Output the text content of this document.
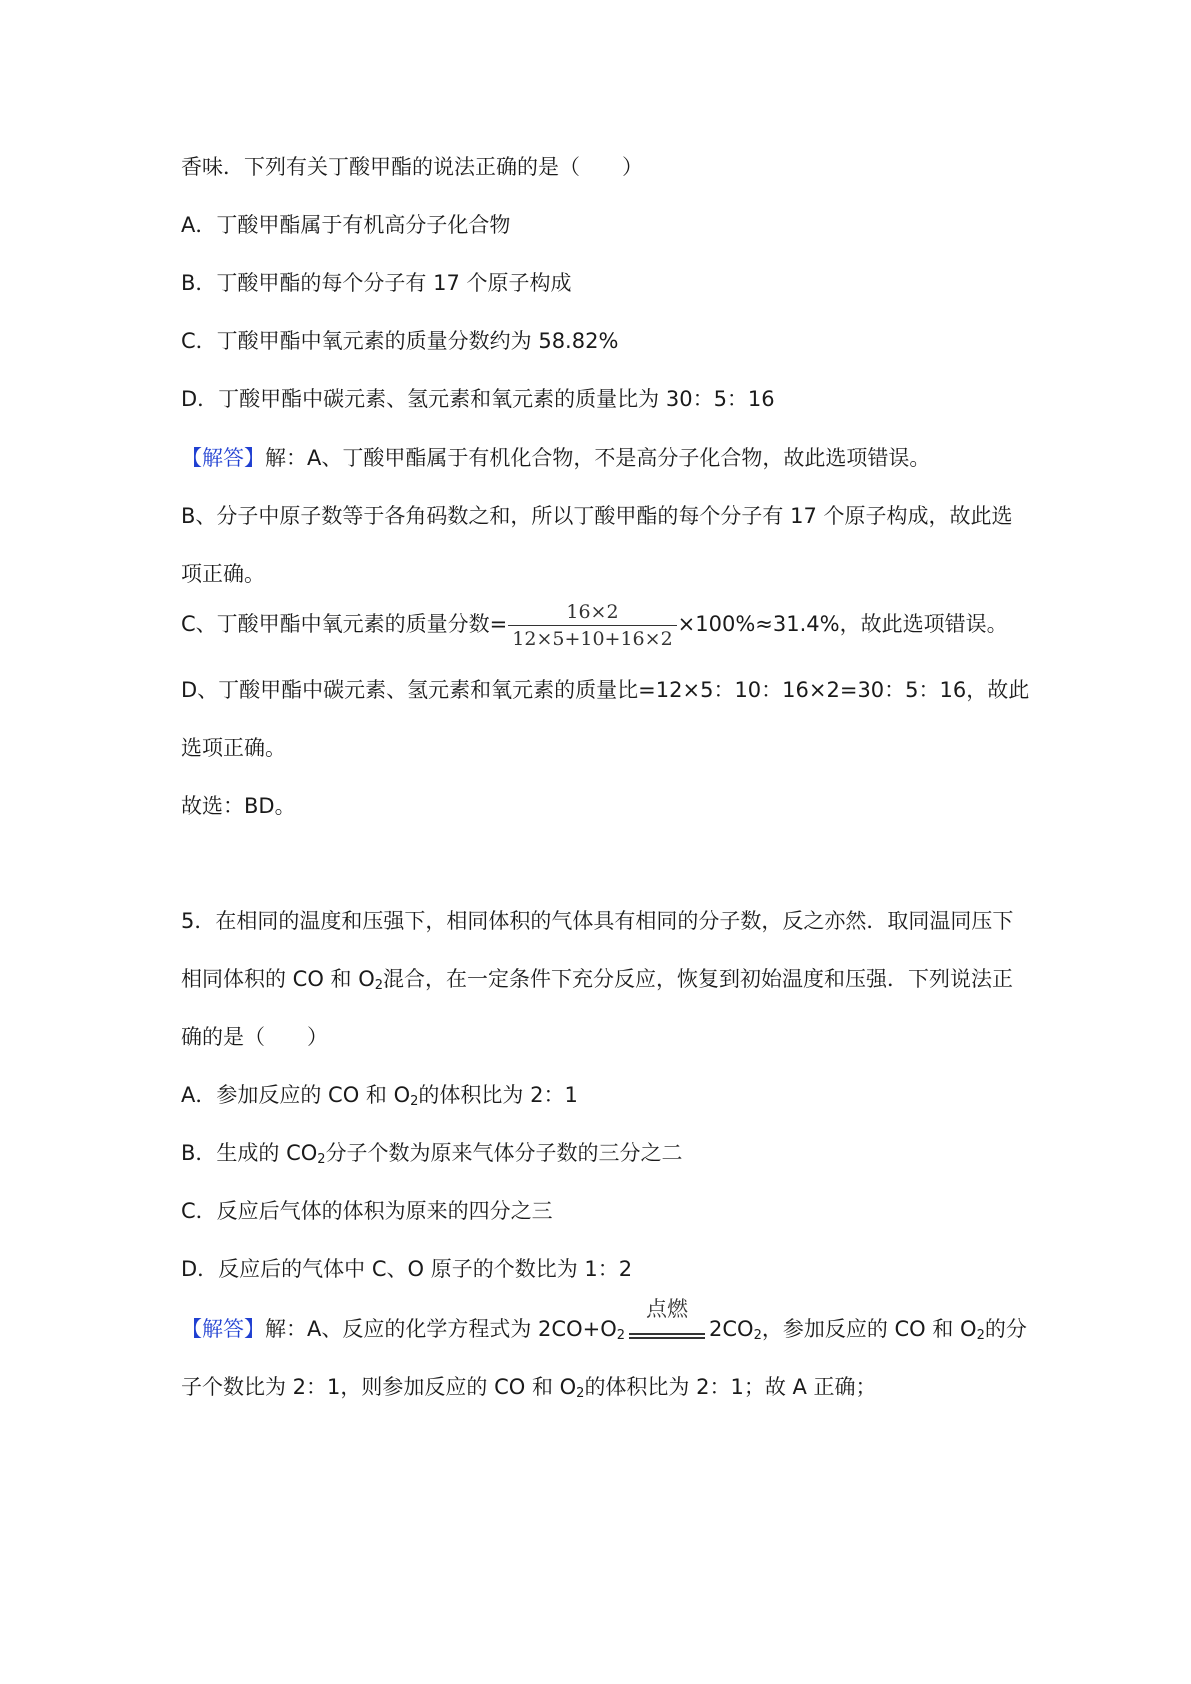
香味．下列有关丁酸甲酯的说法正确的是（　　）
A．丁酸甲酯属于有机高分子化合物
B．丁酸甲酯的每个分子有 17 个原子构成
C．丁酸甲酯中氧元素的质量分数约为 58.82%
D．丁酸甲酯中碳元素、氢元素和氧元素的质量比为 30：5：16
【解答】解：A、丁酸甲酯属于有机化合物，不是高分子化合物，故此选项错误。
B、分子中原子数等于各角码数之和，所以丁酸甲酯的每个分子有 17 个原子构成，故此选
项正确。
C、丁酸甲酯中氧元素的质量分数= $\frac{16\times 2}{12\times 5+10+16\times 2} \times 100\%\approx 31.4\%$，故此选项错误。
D、丁酸甲酯中碳元素、氢元素和氧元素的质量比=12×5：10：16×2=30：5：16，故此
选项正确。
故选：BD。
5．在相同的温度和压强下，相同体积的气体具有相同的分子数，反之亦然．取同温同压下
相同体积的 CO 和 $O_2$混合，在一定条件下充分反应，恢复到初始温度和压强．下列说法正
确的是（　　）
A．参加反应的 CO 和 $O_2$的体积比为 2：1
B．生成的 $CO_2$分子个数为原来气体分子数的三分之二
C．反应后气体的体积为原来的四分之三
D．反应后的气体中 C、O 原子的个数比为 1：2
【解答】解：A、反应的化学方程式为 $2CO+O_2$
点燃
$2CO_2$，参加反应的 CO 和 $O_2$的分
子个数比为 2：1，则参加反应的 CO 和 $O_2$的体积比为 2：1；故 A 正确；
